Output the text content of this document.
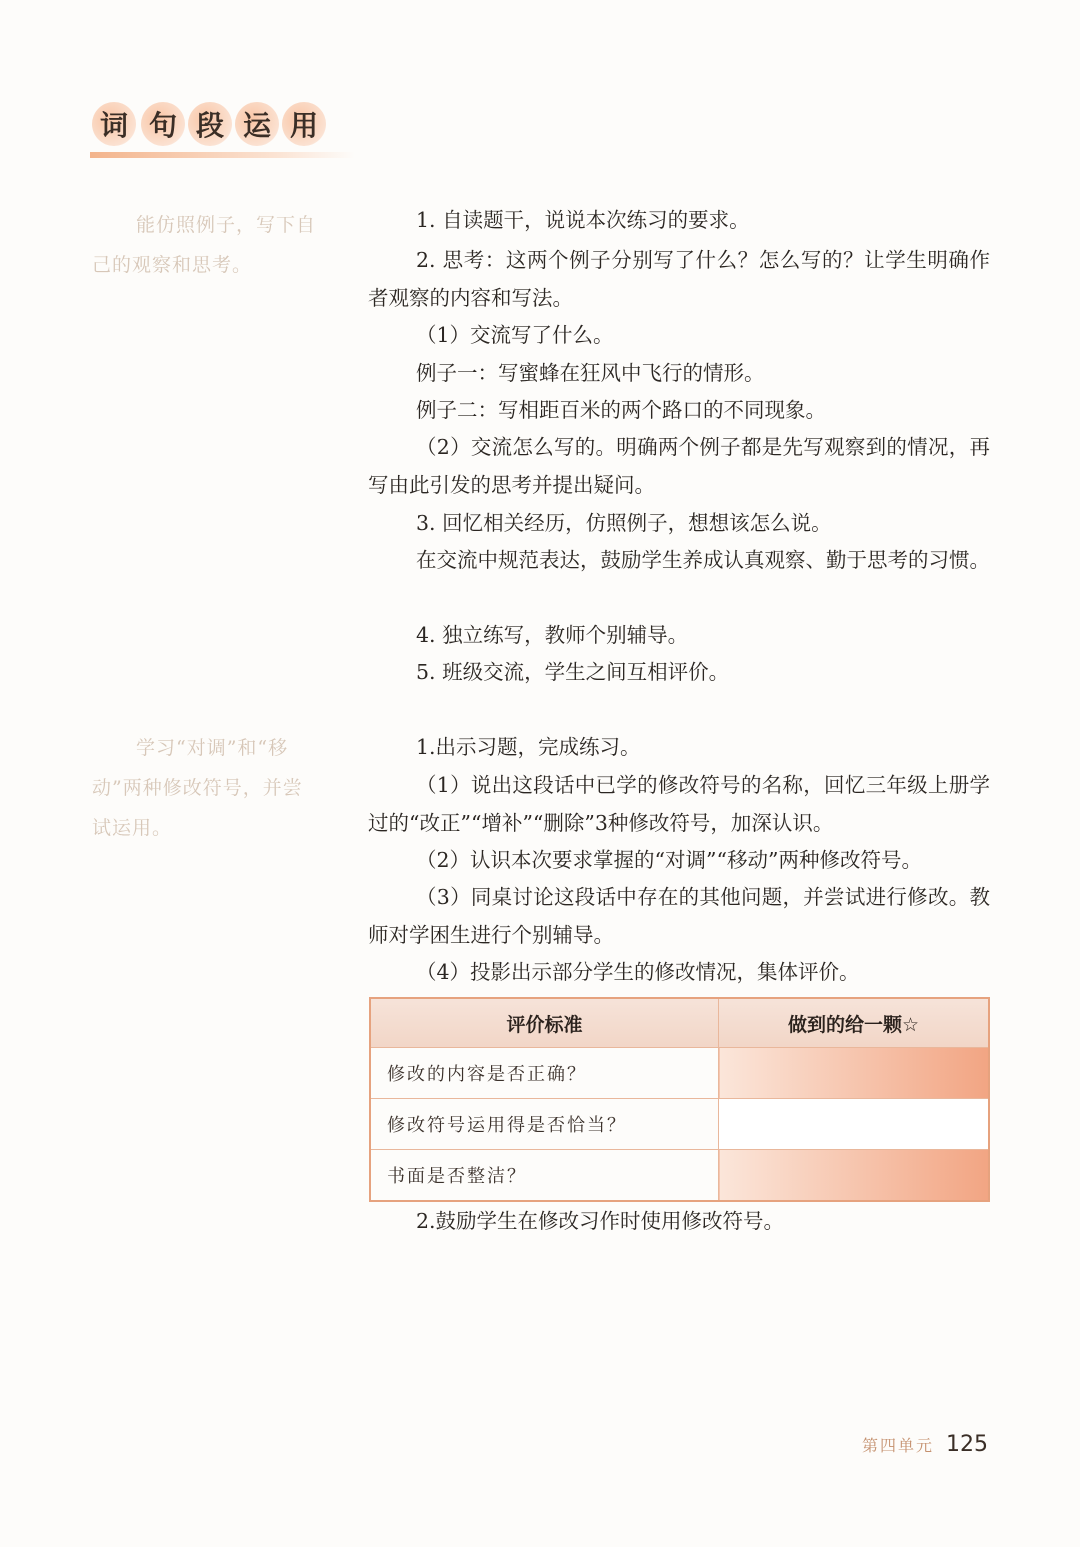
词 句 段 运 用
能仿照例子，写下自己的观察和思考。

1. 自读题干，说说本次练习的要求。

2. 思考：这两个例子分别写了什么？怎么写的？让学生明确作者观察的内容和写法。

（1）交流写了什么。

例子一：写蜜蜂在狂风中飞行的情形。

例子二：写相距百米的两个路口的不同现象。

（2）交流怎么写的。明确两个例子都是先写观察到的情况，再写由此引发的思考并提出疑问。

3. 回忆相关经历，仿照例子，想想该怎么说。

在交流中规范表达，鼓励学生养成认真观察、勤于思考的习惯。

4. 独立练写，教师个别辅导。

5. 班级交流，学生之间互相评价。

学习“对调”和“移动”两种修改符号，并尝试运用。

1.出示习题，完成练习。

（1）说出这段话中已学的修改符号的名称，回忆三年级上册学过的“改正”“增补”“删除”3种修改符号，加深认识。

（2）认识本次要求掌握的“对调”“移动”两种修改符号。

（3）同桌讨论这段话中存在的其他问题，并尝试进行修改。教师对学困生进行个别辅导。

（4）投影出示部分学生的修改情况，集体评价。

评价标准	做到的给一颗☆
修改的内容是否正确？	
修改符号运用得是否恰当？	
书面是否整洁？	

2.鼓励学生在修改习作时使用修改符号。

第四单元 125
